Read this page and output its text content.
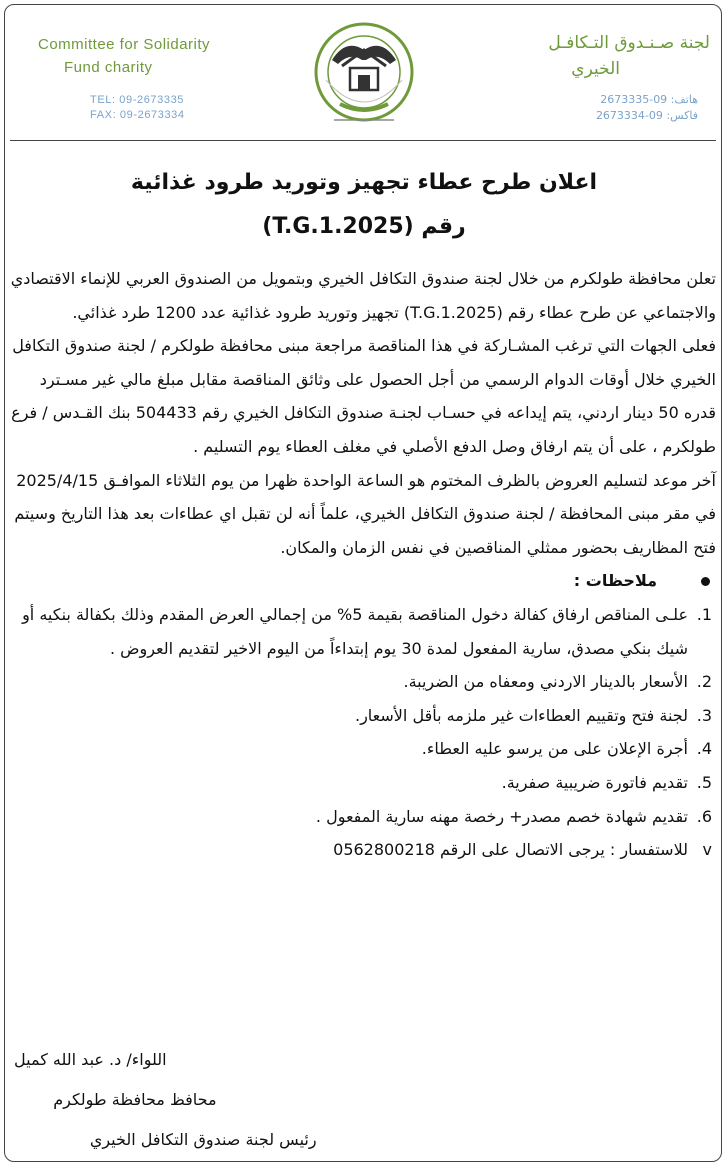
Committee for Solidarity
Fund charity
TEL: 09-2673335
FAX: 09-2673334
لجنة صـنـدوق التـكافـل
الخيري
هاتف: 09-2673335
فاكس: 09-2673334
اعلان طرح عطاء تجهيز وتوريد طرود غذائية
رقم (T.G.1.2025)

تعلن محافظة طولكرم من خلال لجنة صندوق التكافل الخيري وبتمويل من الصندوق العربي للإنماء الاقتصادي والاجتماعي عن طرح عطاء رقم (T.G.1.2025) تجهيز وتوريد طرود غذائية عدد 1200 طرد غذائي.

فعلى الجهات التي ترغب المشـاركة في هذا المناقصة مراجعة مبنى محافظة طولكرم / لجنة صندوق التكافل الخيري خلال أوقات الدوام الرسمي من أجل الحصول على وثائق المناقصة مقابل مبلغ مالي غير مسـترد قدره 50 دينار اردني، يتم إيداعه في حسـاب لجنـة صندوق التكافل الخيري رقم 504433 بنك القـدس / فرع طولكرم ، على أن يتم ارفاق وصل الدفع الأصلي في مغلف العطاء يوم التسليم .

آخر موعد لتسليم العروض بالظرف المختوم هو الساعة الواحدة ظهرا من يوم الثلاثاء الموافـق 2025/4/15 في مقر مبنى المحافظة / لجنة صندوق التكافل الخيري، علماً أنه لن تقبل اي عطاءات بعد هذا التاريخ وسيتم فتح المظاريف بحضور ممثلي المناقصين في نفس الزمان والمكان.

ملاحظات :
1.
علـى المناقص ارفاق كفالة دخول المناقصة بقيمة 5% من إجمالي العرض المقدم وذلك بكفالة بنكيه أو شيك بنكي مصدق، سارية المفعول لمدة 30 يوم إبتداءاً من اليوم الاخير لتقديم العروض .
2.
الأسعار بالدينار الاردني ومعفاه من الضريبة.
3.
لجنة فتح وتقييم العطاءات غير ملزمه بأقل الأسعار.
4.
أجرة الإعلان على من يرسو عليه العطاء.
5.
تقديم فاتورة ضريبية صفرية.
6.
تقديم شهادة خصم مصدر+ رخصة مهنه سارية المفعول .
v
للاستفسار : يرجى الاتصال على الرقم 0562800218
اللواء/ د. عبد الله كميل
محافظ محافظة طولكرم
رئيس لجنة صندوق التكافل الخيري
